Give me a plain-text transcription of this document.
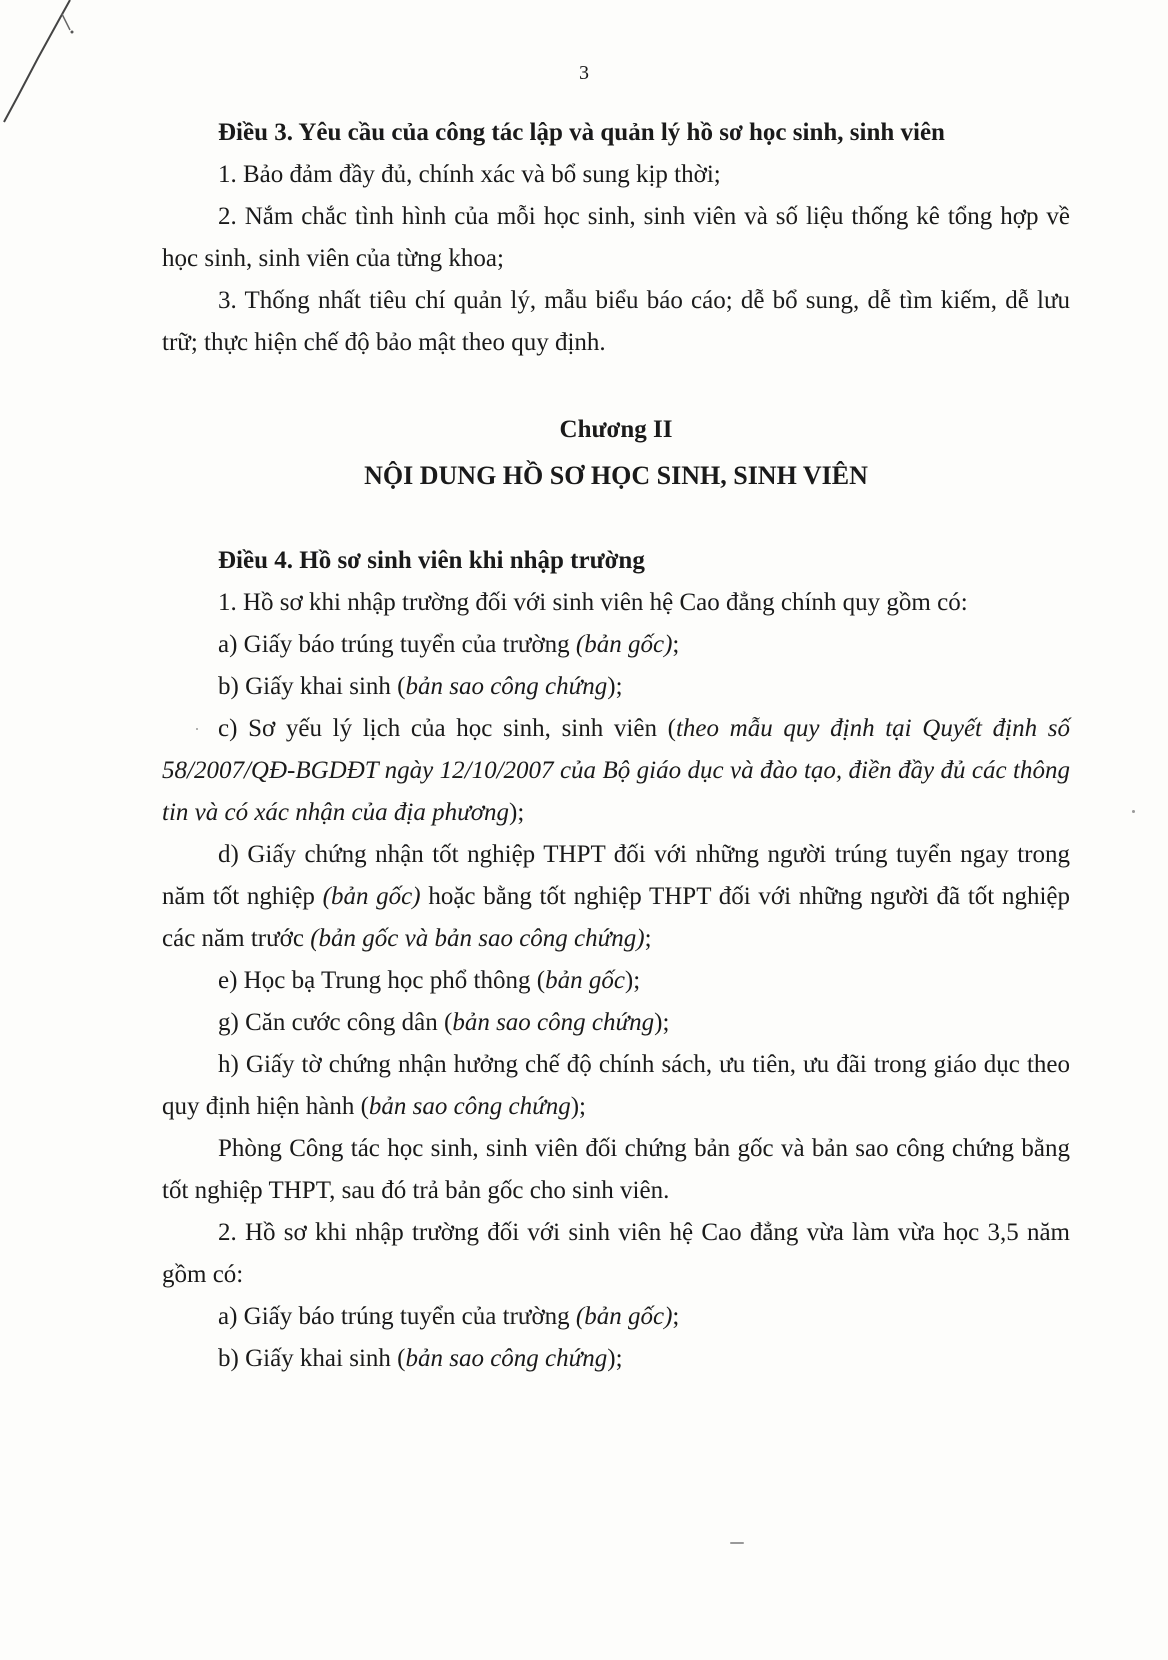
3

Điều 3. Yêu cầu của công tác lập và quản lý hồ sơ học sinh, sinh viên

1. Bảo đảm đầy đủ, chính xác và bổ sung kịp thời;

2. Nắm chắc tình hình của mỗi học sinh, sinh viên và số liệu thống kê tổng hợp về học sinh, sinh viên của từng khoa;

3. Thống nhất tiêu chí quản lý, mẫu biểu báo cáo; dễ bổ sung, dễ tìm kiếm, dễ lưu trữ; thực hiện chế độ bảo mật theo quy định.

Chương II
NỘI DUNG HỒ SƠ HỌC SINH, SINH VIÊN

Điều 4. Hồ sơ sinh viên khi nhập trường

1. Hồ sơ khi nhập trường đối với sinh viên hệ Cao đẳng chính quy gồm có:

a) Giấy báo trúng tuyển của trường (bản gốc);

b) Giấy khai sinh (bản sao công chứng);

c) Sơ yếu lý lịch của học sinh, sinh viên (theo mẫu quy định tại Quyết định số 58/2007/QĐ-BGDĐT ngày 12/10/2007 của Bộ giáo dục và đào tạo, điền đầy đủ các thông tin và có xác nhận của địa phương);

d) Giấy chứng nhận tốt nghiệp THPT đối với những người trúng tuyển ngay trong năm tốt nghiệp (bản gốc) hoặc bằng tốt nghiệp THPT đối với những người đã tốt nghiệp các năm trước (bản gốc và bản sao công chứng);

e) Học bạ Trung học phổ thông (bản gốc);

g) Căn cước công dân (bản sao công chứng);

h) Giấy tờ chứng nhận hưởng chế độ chính sách, ưu tiên, ưu đãi trong giáo dục theo quy định hiện hành (bản sao công chứng);

Phòng Công tác học sinh, sinh viên đối chứng bản gốc và bản sao công chứng bằng tốt nghiệp THPT, sau đó trả bản gốc cho sinh viên.

2. Hồ sơ khi nhập trường đối với sinh viên hệ Cao đẳng vừa làm vừa học 3,5 năm gồm có:

a) Giấy báo trúng tuyển của trường (bản gốc);

b) Giấy khai sinh (bản sao công chứng);
